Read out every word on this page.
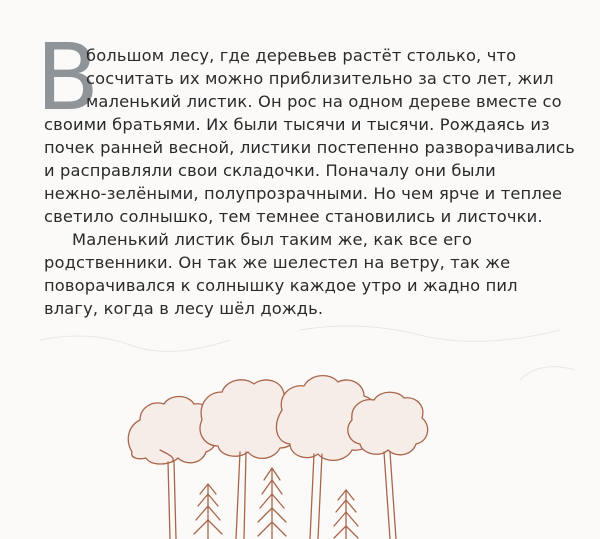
В
большом лесу, где деревьев растёт столько, что
сосчитать их можно приблизительно за сто лет, жил
маленький листик. Он рос на одном дереве вместе со
своими братьями. Их были тысячи и тысячи. Рождаясь из
почек ранней весной, листики постепенно разворачивались
и расправляли свои складочки. Поначалу они были
нежно-зелёными, полупрозрачными. Но чем ярче и теплее
светило солнышко, тем темнее становились и листочки.
Маленький листик был таким же, как все его
родственники. Он так же шелестел на ветру, так же
поворачивался к солнышку каждое утро и жадно пил
влагу, когда в лесу шёл дождь.
